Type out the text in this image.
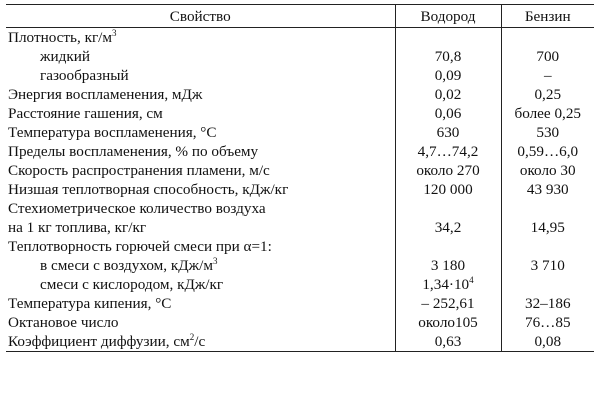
Свойство	Водород	Бензин
Плотность, $кг/м^3$		
жидкий	70,8	700
газообразный	0,09	–
Энергия воспламенения, мДж	0,02	0,25
Расстояние гашения, см	0,06	более 0,25
Температура воспламенения, °С	630	530
Пределы воспламенения, % по объему	4,7…74,2	0,59…6,0
Скорость распространения пламени, м/с	около 270	около 30
Низшая теплотворная способность, кДж/кг	120 000	43 930
Стехиометрическое количество воздуха		
на 1 кг топлива, кг/кг	34,2	14,95
Теплотворность горючей смеси при α=1:		
в смеси с воздухом, кДж/$м^3$	3 180	3 710
смеси с кислородом, кДж/кг	$1,34\cdot 10^4$	
Температура кипения, °С	– 252,61	32–186
Октановое число	около105	76…85
Коэффициент диффузии, $см^2/с$	0,63	0,08
